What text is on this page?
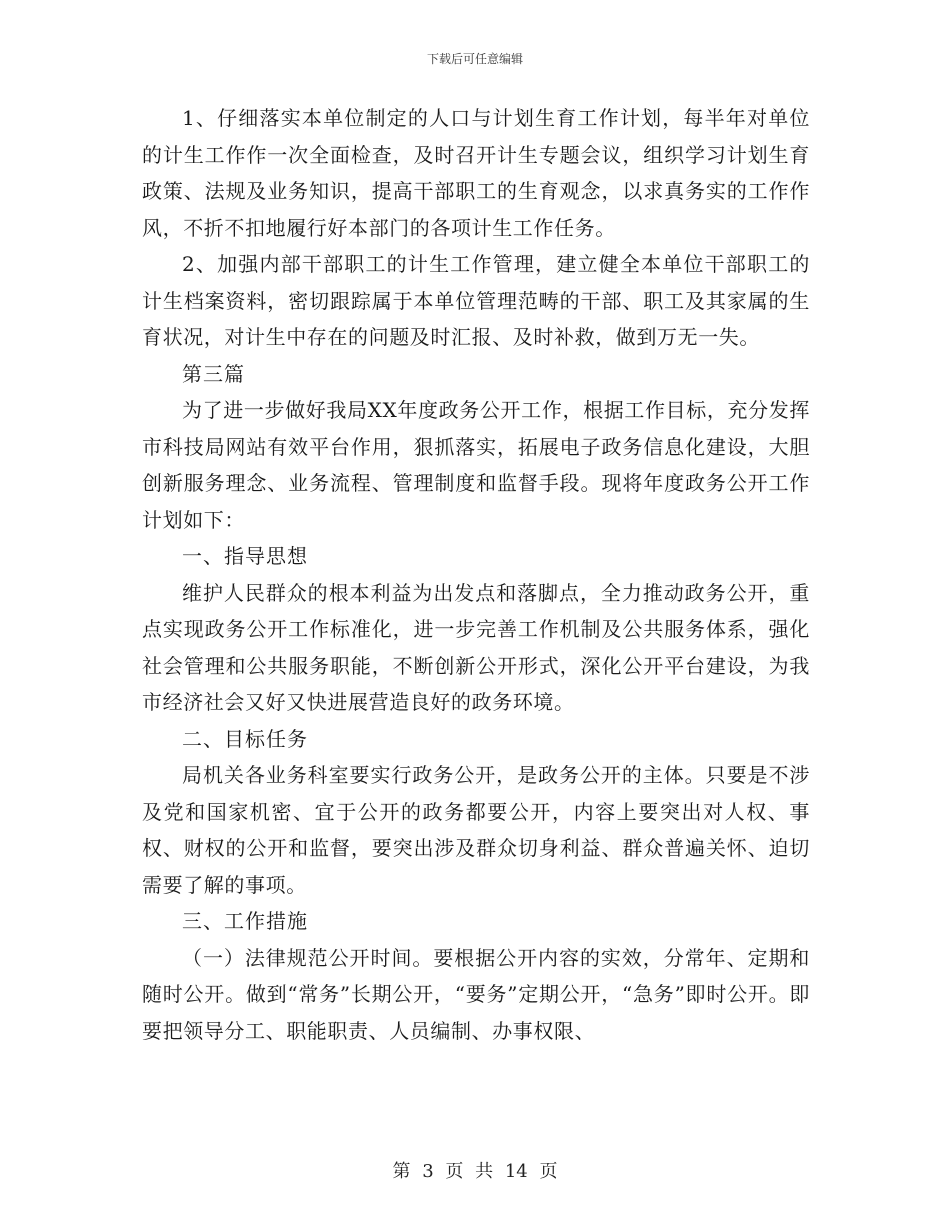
下载后可任意编辑

1、仔细落实本单位制定的人口与计划生育工作计划，每半年对单位的计生工作作一次全面检查，及时召开计生专题会议，组织学习计划生育政策、法规及业务知识，提高干部职工的生育观念，以求真务实的工作作风，不折不扣地履行好本部门的各项计生工作任务。

2、加强内部干部职工的计生工作管理，建立健全本单位干部职工的计生档案资料，密切跟踪属于本单位管理范畴的干部、职工及其家属的生育状况，对计生中存在的问题及时汇报、及时补救，做到万无一失。

第三篇

为了进一步做好我局XX年度政务公开工作，根据工作目标，充分发挥市科技局网站有效平台作用，狠抓落实，拓展电子政务信息化建设，大胆创新服务理念、业务流程、管理制度和监督手段。现将年度政务公开工作计划如下：

一、指导思想

维护人民群众的根本利益为出发点和落脚点，全力推动政务公开，重点实现政务公开工作标准化，进一步完善工作机制及公共服务体系，强化社会管理和公共服务职能，不断创新公开形式，深化公开平台建设，为我市经济社会又好又快进展营造良好的政务环境。

二、目标任务

局机关各业务科室要实行政务公开，是政务公开的主体。只要是不涉及党和国家机密、宜于公开的政务都要公开，内容上要突出对人权、事权、财权的公开和监督，要突出涉及群众切身利益、群众普遍关怀、迫切需要了解的事项。

三、工作措施

（一）法律规范公开时间。要根据公开内容的实效，分常年、定期和随时公开。做到“常务”长期公开，“要务”定期公开，“急务”即时公开。即要把领导分工、职能职责、人员编制、办事权限、

第 3 页 共 14 页
